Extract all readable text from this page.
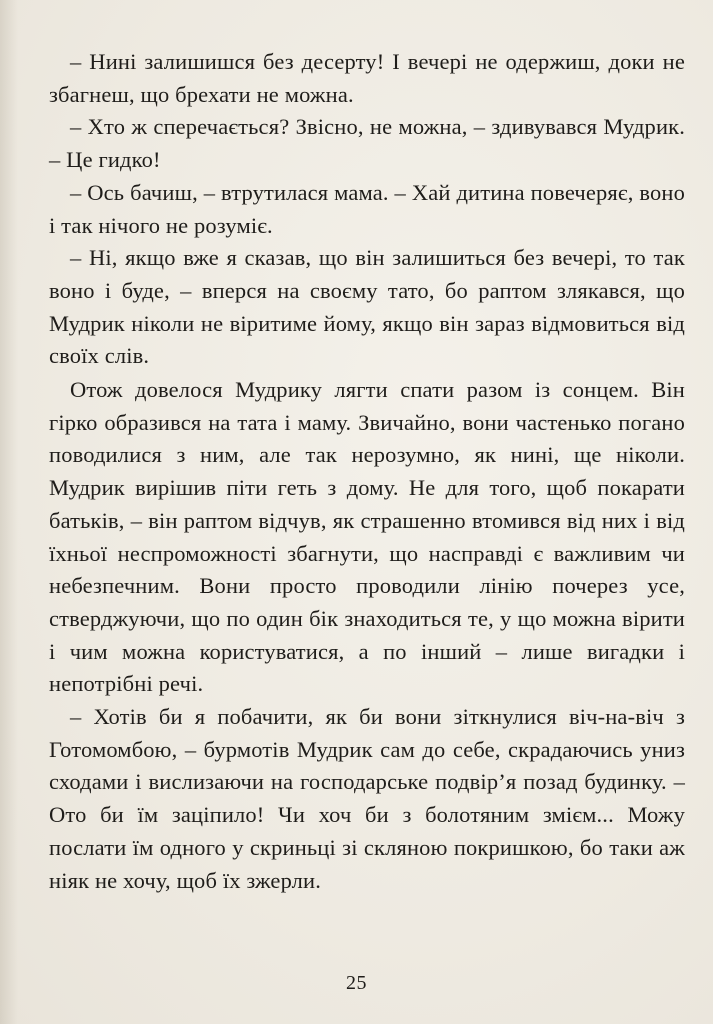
– Нині залишишся без десерту! І вечері не одержиш, доки не збагнеш, що брехати не можна.

– Хто ж сперечається? Звісно, не можна, – здивувався Мудрик. – Це гидко!

– Ось бачиш, – втрутилася мама. – Хай дитина повечеряє, воно і так нічого не розуміє.

– Ні, якщо вже я сказав, що він залишиться без вечері, то так воно і буде, – вперся на своєму тато, бо раптом злякався, що Мудрик ніколи не віритиме йому, якщо він зараз відмовиться від своїх слів.

Отож довелося Мудрику лягти спати разом із сонцем. Він гірко образився на тата і маму. Звичайно, вони частенько погано поводилися з ним, але так нерозумно, як нині, ще ніколи. Мудрик вирішив піти геть з дому. Не для того, щоб покарати батьків, – він раптом відчув, як страшенно втомився від них і від їхньої неспроможності збагнути, що насправді є важливим чи небезпечним. Вони просто проводили лінію почерез усе, стверджуючи, що по один бік знаходиться те, у що можна вірити і чим можна користуватися, а по інший – лише вигадки і непотрібні речі.

– Хотів би я побачити, як би вони зіткнулися віч-на-віч з Готомомбою, – бурмотів Мудрик сам до себе, скрадаючись униз сходами і вислизаючи на господарське подвір’я позад будинку. – Ото би їм заціпило! Чи хоч би з болотяним змієм... Можу послати їм одного у скриньці зі скляною покришкою, бо таки аж ніяк не хочу, щоб їх зжерли.

25
